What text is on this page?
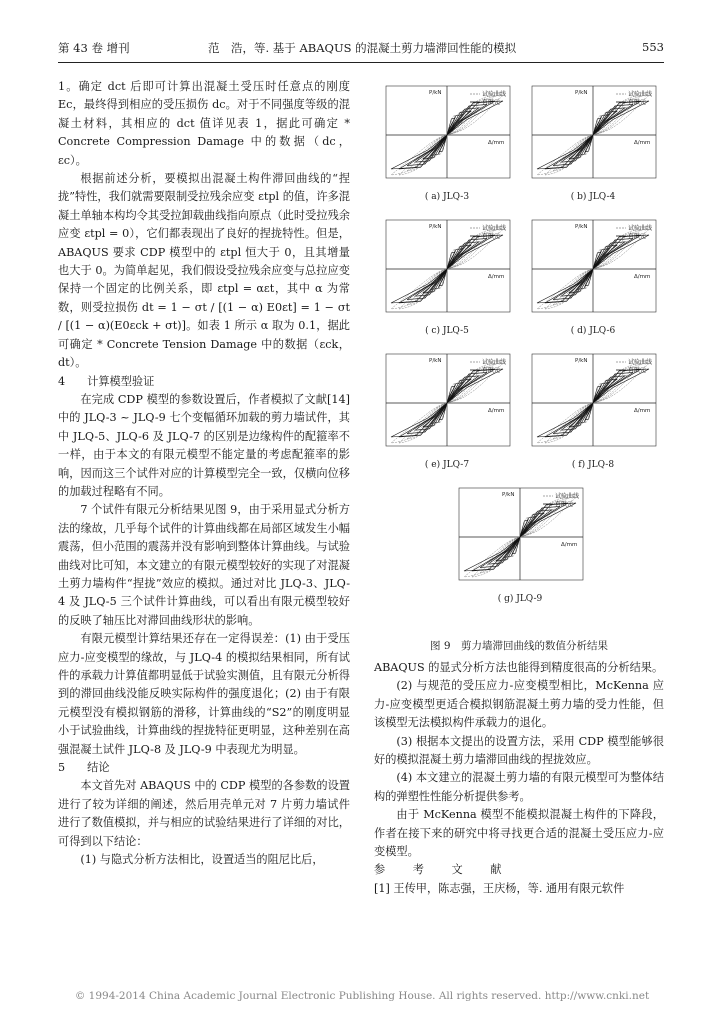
第 43 卷 增刊	范　浩，等. 基于 ABAQUS 的混凝土剪力墙滞回性能的模拟	553

1。确定 dct 后即可计算出混凝土受压时任意点的刚度 Ec，最终得到相应的受压损伤 dc。对于不同强度等级的混凝土材料，其相应的 dct 值详见表 1，据此可确定 * Concrete Compression Damage 中的数据（dc，εc）。

根据前述分析，要模拟出混凝土构件滞回曲线的“捏拢”特性，我们就需要限制受拉残余应变 εtpl 的值，许多混凝土单轴本构均令其受拉卸载曲线指向原点（此时受拉残余应变 εtpl = 0），它们都表现出了良好的捏拢特性。但是，ABAQUS 要求 CDP 模型中的 εtpl 恒大于 0，且其增量也大于 0。为简单起见，我们假设受拉残余应变与总拉应变保持一个固定的比例关系，即 εtpl = αεt，其中 α 为常数，则受拉损伤 dt = 1 − σt / [(1 − α) E0εt] = 1 − σt / [(1 − α)(E0εck + σt)]。如表 1 所示 α 取为 0.1，据此可确定 * Concrete Tension Damage 中的数据（εck，dt）。

4 计算模型验证

在完成 CDP 模型的参数设置后，作者模拟了文献[14]中的 JLQ-3 ~ JLQ-9 七个变幅循环加载的剪力墙试件，其中 JLQ-5、JLQ-6 及 JLQ-7 的区别是边缘构件的配箍率不一样，由于本文的有限元模型不能定量的考虑配箍率的影响，因而这三个试件对应的计算模型完全一致，仅横向位移的加载过程略有不同。

7 个试件有限元分析结果见图 9，由于采用显式分析方法的缘故，几乎每个试件的计算曲线都在局部区域发生小幅震荡，但小范围的震荡并没有影响到整体计算曲线。与试验曲线对比可知，本文建立的有限元模型较好的实现了对混凝土剪力墙构件“捏拢”效应的模拟。通过对比 JLQ-3、JLQ-4 及 JLQ-5 三个试件计算曲线，可以看出有限元模型较好的反映了轴压比对滞回曲线形状的影响。

有限元模型计算结果还存在一定得误差：(1) 由于受压应力-应变模型的缘故，与 JLQ-4 的模拟结果相同，所有试件的承载力计算值都明显低于试验实测值，且有限元分析得到的滞回曲线没能反映实际构件的强度退化；(2) 由于有限元模型没有模拟钢筋的滑移，计算曲线的“S2”的刚度明显小于试验曲线，计算曲线的捏拢特征更明显，这种差别在高强混凝土试件 JLQ-8 及 JLQ-9 中表现尤为明显。

5 结论

本文首先对 ABAQUS 中的 CDP 模型的各参数的设置进行了较为详细的阐述，然后用壳单元对 7 片剪力墙试件进行了数值模拟，并与相应的试验结果进行了详细的对比，可得到以下结论：

(1) 与隐式分析方法相比，设置适当的阻尼比后，

试验曲线
有限元
P/kN
Δ/mm
( a) JLQ-3
试验曲线
有限元
P/kN
Δ/mm
( b) JLQ-4
试验曲线
有限元
P/kN
Δ/mm
( c) JLQ-5
试验曲线
有限元
P/kN
Δ/mm
( d) JLQ-6
试验曲线
有限元
P/kN
Δ/mm
( e) JLQ-7
试验曲线
有限元
P/kN
Δ/mm
( f) JLQ-8
试验曲线
有限元
P/kN
Δ/mm
( g) JLQ-9
图 9　剪力墙滞回曲线的数值分析结果

ABAQUS 的显式分析方法也能得到精度很高的分析结果。

(2) 与规范的受压应力-应变模型相比，McKenna 应力-应变模型更适合模拟钢筋混凝土剪力墙的受力性能，但该模型无法模拟构件承载力的退化。

(3) 根据本文提出的设置方法，采用 CDP 模型能够很好的模拟混凝土剪力墙滞回曲线的捏拢效应。

(4) 本文建立的混凝土剪力墙的有限元模型可为整体结构的弹塑性性能分析提供参考。

由于 McKenna 模型不能模拟混凝土构件的下降段，作者在接下来的研究中将寻找更合适的混凝土受压应力-应变模型。

参 考 文 献

[1] 王传甲，陈志强，王庆杨，等. 通用有限元软件

© 1994-2014 China Academic Journal Electronic Publishing House. All rights reserved. http://www.cnki.net
